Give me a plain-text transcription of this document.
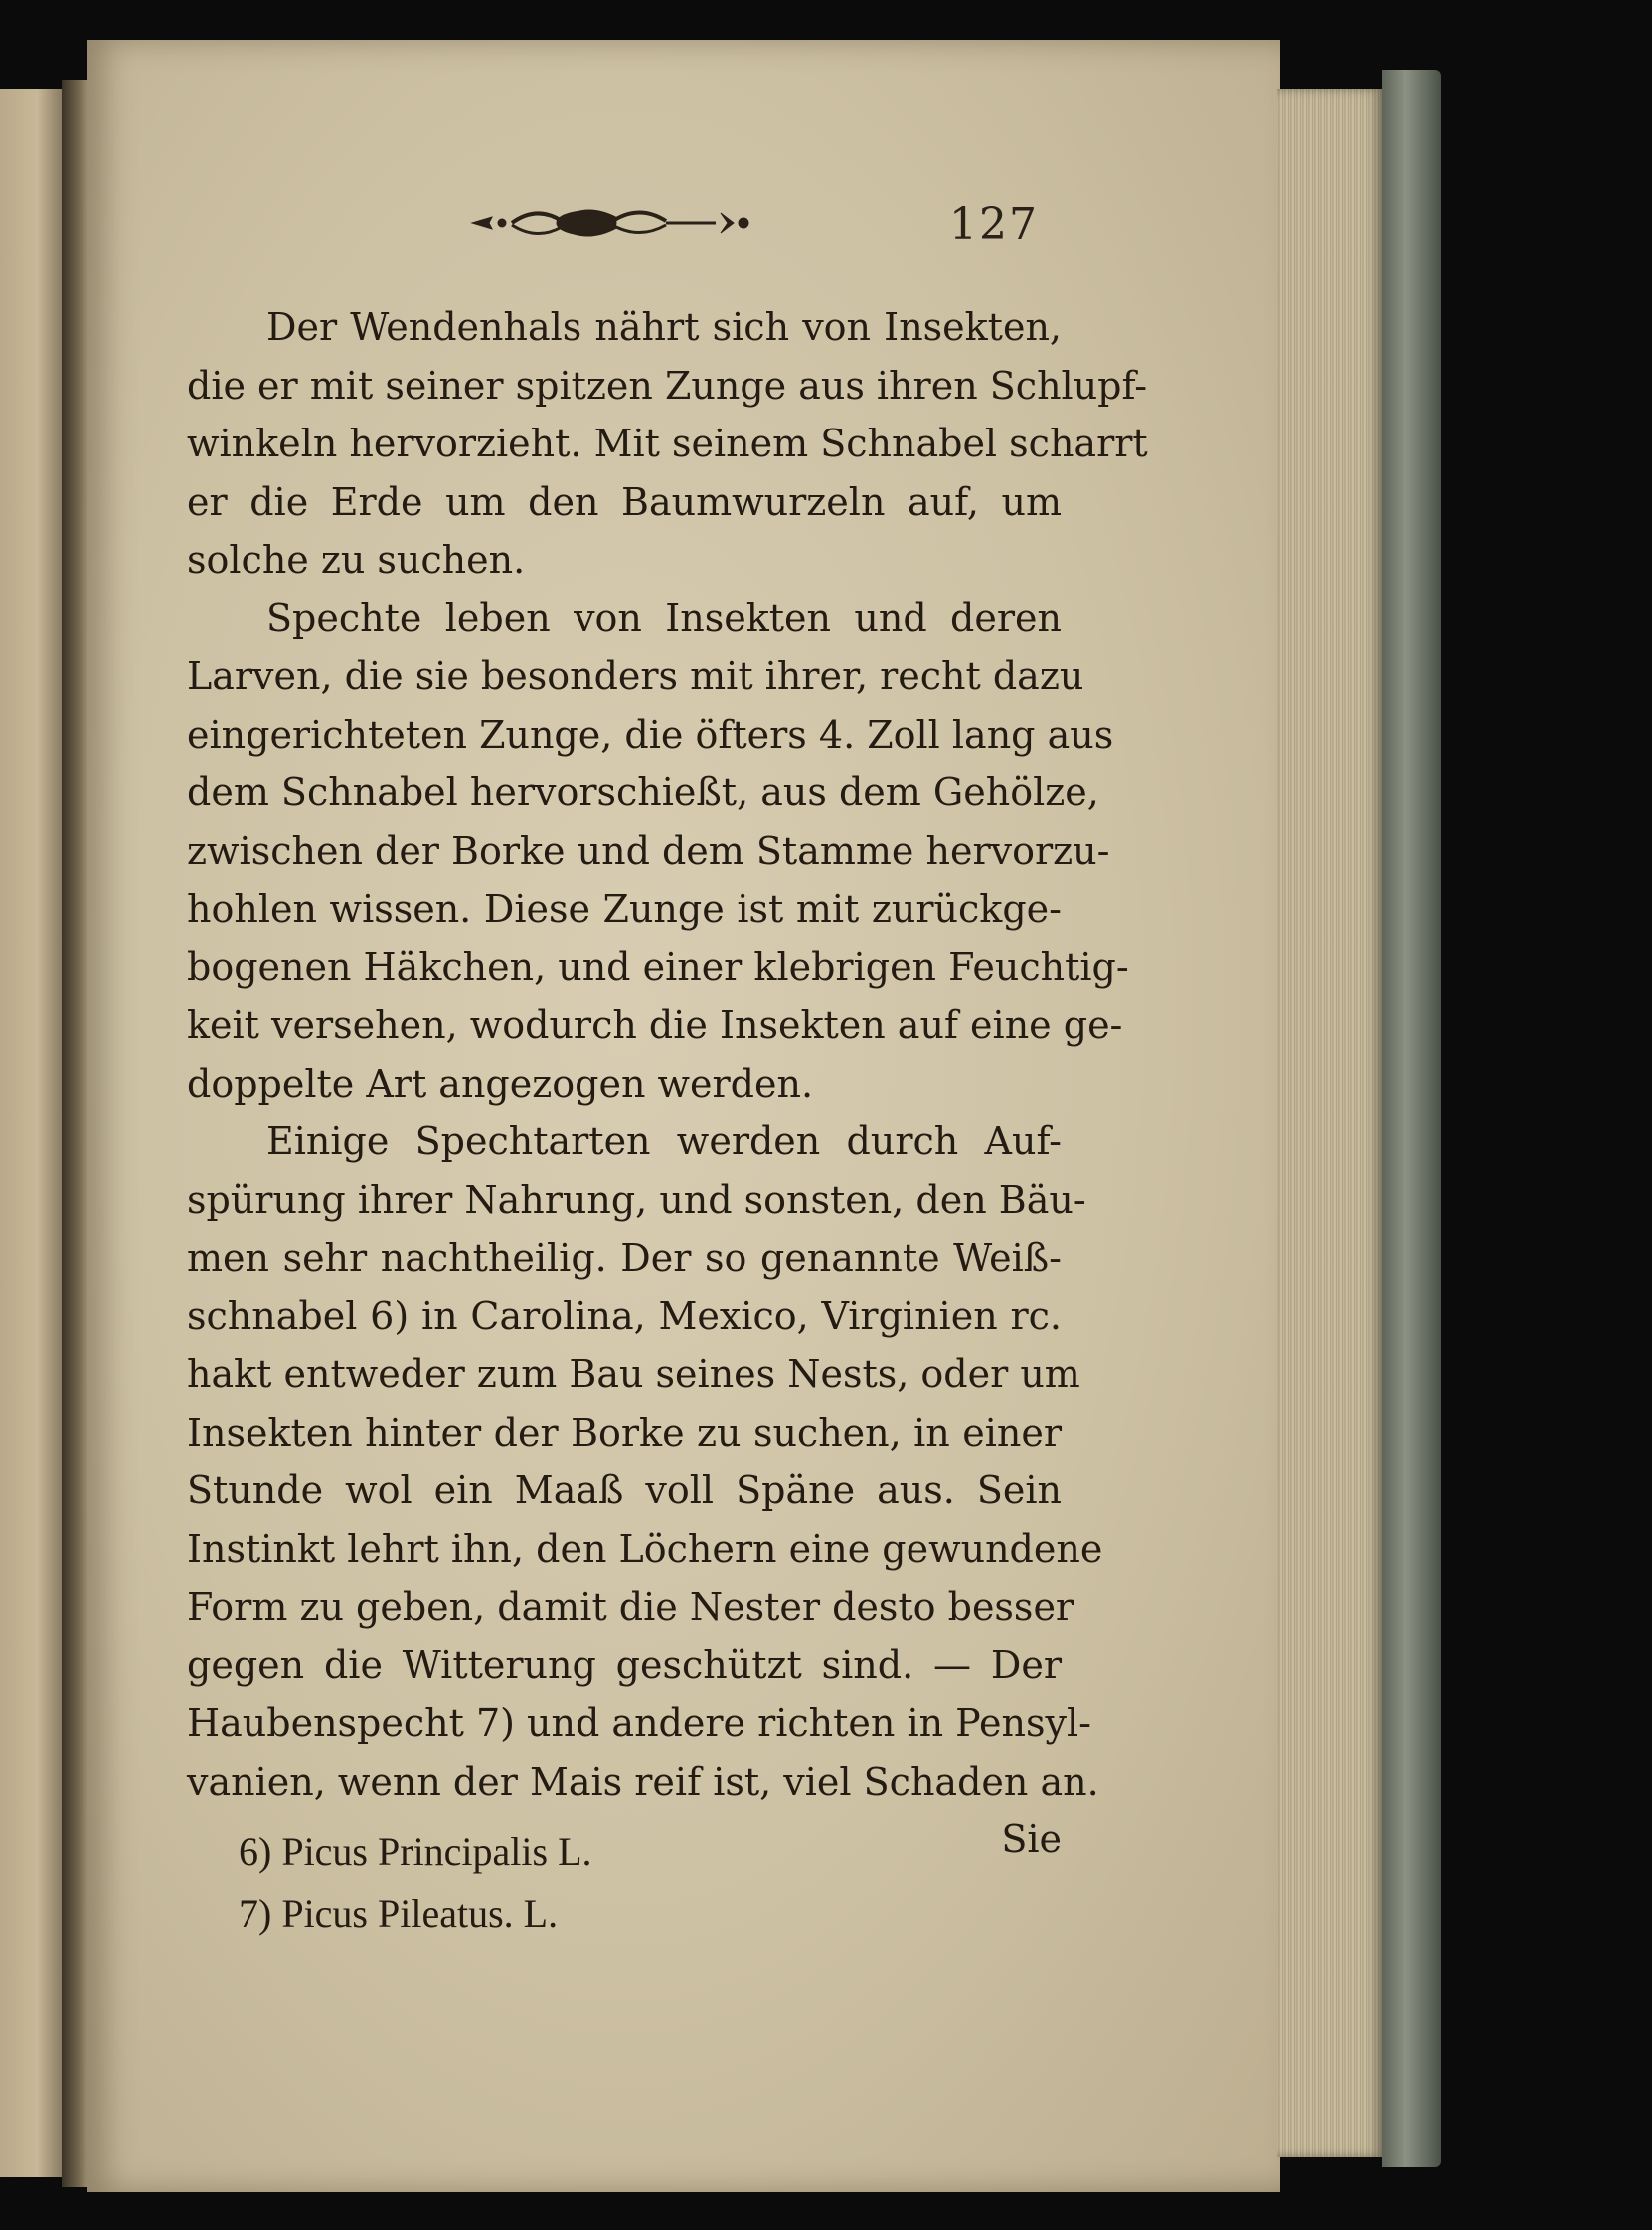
127
Der Wendenhals nährt sich von Insekten,
die er mit seiner spitzen Zunge aus ihren Schlupf-
winkeln hervorzieht. Mit seinem Schnabel scharrt
er die Erde um den Baumwurzeln auf, um
solche zu suchen.
Spechte leben von Insekten und deren
Larven, die sie besonders mit ihrer, recht dazu
eingerichteten Zunge, die öfters 4. Zoll lang aus
dem Schnabel hervorschießt, aus dem Gehölze,
zwischen der Borke und dem Stamme hervorzu-
hohlen wissen. Diese Zunge ist mit zurückge-
bogenen Häkchen, und einer klebrigen Feuchtig-
keit versehen, wodurch die Insekten auf eine ge-
doppelte Art angezogen werden.
Einige Spechtarten werden durch Auf-
spürung ihrer Nahrung, und sonsten, den Bäu-
men sehr nachtheilig. Der so genannte Weiß-
schnabel 6) in Carolina, Mexico, Virginien rc.
hakt entweder zum Bau seines Nests, oder um
Insekten hinter der Borke zu suchen, in einer
Stunde wol ein Maaß voll Späne aus. Sein
Instinkt lehrt ihn, den Löchern eine gewundene
Form zu geben, damit die Nester desto besser
gegen die Witterung geschützt sind. — Der
Haubenspecht 7) und andere richten in Pensyl-
vanien, wenn der Mais reif ist, viel Schaden an.
Sie
6) Picus Principalis L.
7) Picus Pileatus. L.
